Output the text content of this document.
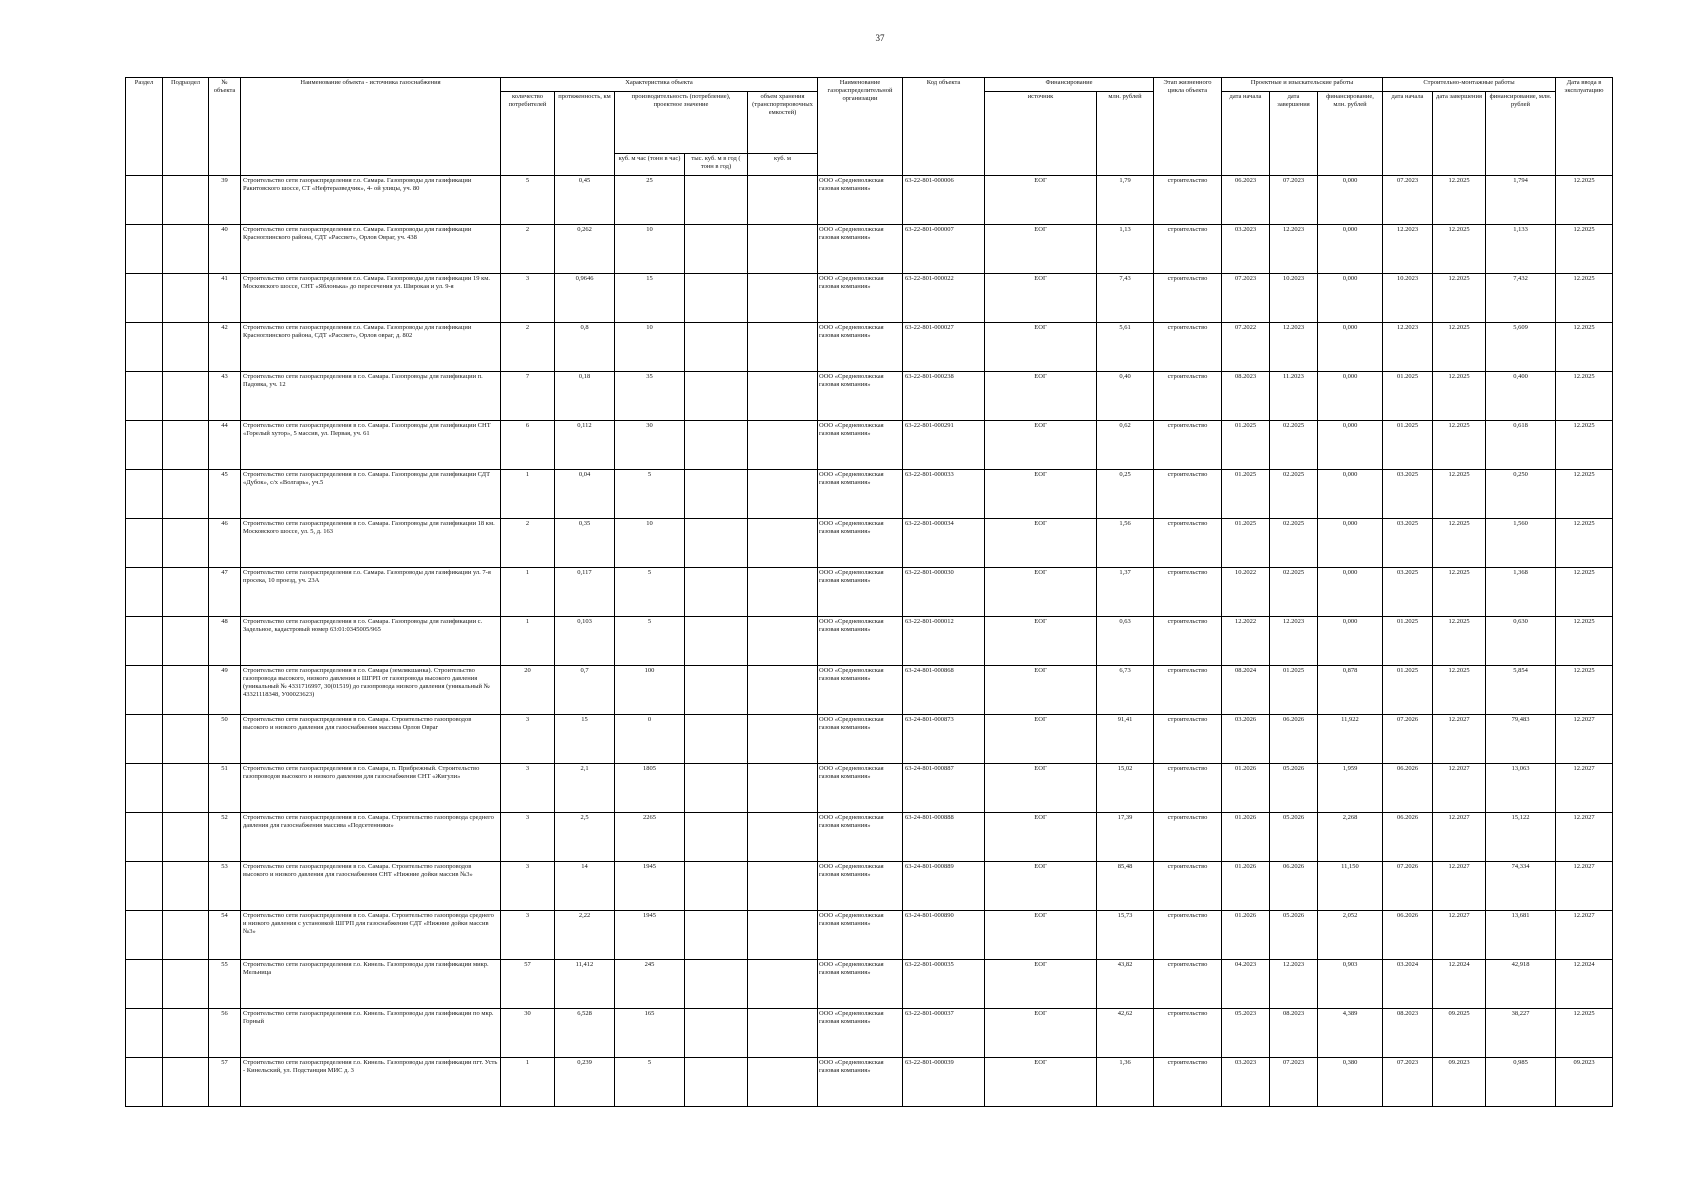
37
Раздел	Подраздел	№ объекта	Наименование объекта - источника газоснабжения	Характеристика объекта					Наименование газораспределительной организации	Код объекта	Финансирование		Этап жизненного цикла объекта	Проектные и изыскательские работы			Строительно-монтажные работы			Дата ввода в эксплуатацию
				количество потребителей	протяженность, км	производительность (потребление), проектное значение		объем хранения (транспортировочных емкостей)			источник	млн. рублей		дата начала	дата завершения	финансирование, млн. рублей	дата начала	дата завершения	финансирование, млн. рублей	
						куб. м час (тонн в час)	тыс. куб. м в год ( тонн в год)	куб. м												
		39	Строительство сети газораспределения г.о. Самара. Газопроводы для газификации Ракитовского шоссе, СТ «Нефтеразведчик», 4- ой улицы, уч. 80	5	0,45	25			ООО «Средневолжская газовая компания»	63-22-801-000006	ЕОГ	1,79	строительство	06.2023	07.2023	0,000	07.2023	12.2025	1,794	12.2025
		40	Строительство сети газораспределения г.о. Самара. Газопроводы для газификации Красноглинского района, СДТ «Рассвет», Орлов Овраг, уч. 438	2	0,262	10			ООО «Средневолжская газовая компания»	63-22-801-000007	ЕОГ	1,13	строительство	03.2023	12.2023	0,000	12.2023	12.2025	1,133	12.2025
		41	Строительство сети газораспределения г.о. Самара. Газопроводы для газификации 19 км. Московского шоссе, СНТ «Яблонька» до пересечения ул. Широкая и ул. 9-я	3	0,9646	15			ООО «Средневолжская газовая компания»	63-22-801-000022	ЕОГ	7,43	строительство	07.2023	10.2023	0,000	10.2023	12.2025	7,432	12.2025
		42	Строительство сети газораспределения г.о. Самара. Газопроводы для газификации Красноглинского района, СДТ «Рассвет», Орлов овраг, д. 802	2	0,8	10			ООО «Средневолжская газовая компания»	63-22-801-000027	ЕОГ	5,61	строительство	07.2022	12.2023	0,000	12.2023	12.2025	5,609	12.2025
		43	Строительство сети газораспределения в г.о. Самара. Газопроводы для газификации п. Падовка, уч. 12	7	0,18	35			ООО «Средневолжская газовая компания»	63-22-801-000238	ЕОГ	0,40	строительство	08.2023	11.2023	0,000	01.2025	12.2025	0,400	12.2025
		44	Строительство сети газораспределения в г.о. Самара. Газопроводы для газификации СНТ «Горелый хутор», 5 массив, ул. Первая, уч. 61	6	0,112	30			ООО «Средневолжская газовая компания»	63-22-801-000291	ЕОГ	0,62	строительство	01.2025	02.2025	0,000	01.2025	12.2025	0,618	12.2025
		45	Строительство сети газораспределения в г.о. Самара. Газопроводы для газификации СДТ «Дубок», с/х «Волгарь», уч.5	1	0,04	5			ООО «Средневолжская газовая компания»	63-22-801-000033	ЕОГ	0,25	строительство	01.2025	02.2025	0,000	03.2025	12.2025	0,250	12.2025
		46	Строительство сети газораспределения в г.о. Самара. Газопроводы для газификации 18 км. Московского шоссе, ул. 5, д. 163	2	0,35	10			ООО «Средневолжская газовая компания»	63-22-801-000034	ЕОГ	1,56	строительство	01.2025	02.2025	0,000	03.2025	12.2025	1,560	12.2025
		47	Строительство сети газораспределения г.о. Самара. Газопроводы для газификации ул. 7-я просека, 10 проезд, уч. 23А	1	0,117	5			ООО «Средневолжская газовая компания»	63-22-801-000030	ЕОГ	1,37	строительство	10.2022	02.2025	0,000	03.2025	12.2025	1,368	12.2025
		48	Строительство сети газораспределения в г.о. Самара. Газопроводы для газификации с. Задельное, кадастровый номер 63:01:0345005/965	1	0,103	5			ООО «Средневолжская газовая компания»	63-22-801-000012	ЕОГ	0,63	строительство	12.2022	12.2023	0,000	01.2025	12.2025	0,630	12.2025
		49	Строительство сети газораспределения в г.о. Самара (землякшанка). Строительство газопровода высокого, низкого давления и ШГРП от газопровода высокого давления (уникальный № 4331716997, 30(01519) до газопровода низкого давления (уникальный № 43321118348, У00023623)	20	0,7	100			ООО «Средневолжская газовая компания»	63-24-801-000868	ЕОГ	6,73	строительство	08.2024	01.2025	0,878	01.2025	12.2025	5,854	12.2025
		50	Строительство сети газораспределения в г.о. Самара. Строительство газопроводов высокого и низкого давления для газоснабжения массива Орлов Овраг	3	15	0			ООО «Средневолжская газовая компания»	63-24-801-000873	ЕОГ	91,41	строительство	03.2026	06.2026	11,922	07.2026	12.2027	79,483	12.2027
		51	Строительство сети газораспределения в г.о. Самара, п. Прибрежный. Строительство газопроводов высокого и низкого давления для газоснабжения СНТ «Жигули»	3	2,1	1805			ООО «Средневолжская газовая компания»	63-24-801-000887	ЕОГ	15,02	строительство	01.2026	05.2026	1,959	06.2026	12.2027	13,063	12.2027
		52	Строительство сети газораспределения в г.о. Самара. Строительство газопровода среднего давления для газоснабжения массива «Подсетенники»	3	2,5	2265			ООО «Средневолжская газовая компания»	63-24-801-000888	ЕОГ	17,39	строительство	01.2026	05.2026	2,268	06.2026	12.2027	15,122	12.2027
		53	Строительство сети газораспределения в г.о. Самара. Строительство газопроводов высокого и низкого давления для газоснабжения СНТ «Нижние дойки массив №3»	3	14	1945			ООО «Средневолжская газовая компания»	63-24-801-000889	ЕОГ	85,48	строительство	01.2026	06.2026	11,150	07.2026	12.2027	74,334	12.2027
		54	Строительство сети газораспределения в г.о. Самара. Строительство газопровода среднего и низкого давления с установкой ШГРП для газоснабжения СДТ «Нижние дойки массив №3»	3	2,22	1945			ООО «Средневолжская газовая компания»	63-24-801-000890	ЕОГ	15,73	строительство	01.2026	05.2026	2,052	06.2026	12.2027	13,681	12.2027
		55	Строительство сети газораспределения г.о. Кинель. Газопроводы для газификации микр. Мельница	57	11,412	245			ООО «Средневолжская газовая компания»	63-22-801-000035	ЕОГ	43,82	строительство	04.2023	12.2023	0,903	03.2024	12.2024	42,918	12.2024
		56	Строительство сети газораспределения г.о. Кинель. Газопроводы для газификации по мкр. Горный	30	6,528	165			ООО «Средневолжская газовая компания»	63-22-801-000037	ЕОГ	42,62	строительство	05.2023	08.2023	4,389	08.2023	09.2025	38,227	12.2025
		57	Строительство сети газораспределения г.о. Кинель. Газопроводы для газификации пгт. Усть - Кинельский, ул. Подстанция МИС д. 3	1	0,239	5			ООО «Средневолжская газовая компания»	63-22-801-000039	ЕОГ	1,36	строительство	03.2023	07.2023	0,380	07.2023	09.2023	0,985	09.2023
